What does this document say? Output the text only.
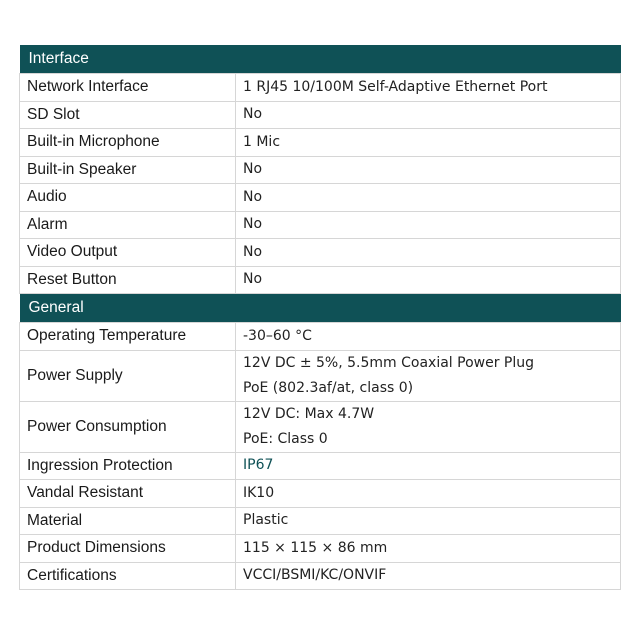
Interface	
Network Interface	1 RJ45 10/100M Self-Adaptive Ethernet Port

SD Slot	No

Built-in Microphone	1 Mic

Built-in Speaker	No

Audio	No

Alarm	No

Video Output	No

Reset Button	No

General	
Operating Temperature	-30–60 °C

Power Supply	12V DC ± 5%, 5.5mm Coaxial Power Plug
PoE (802.3af/at, class 0)

Power Consumption	12V DC: Max 4.7W
PoE: Class 0

Ingression Protection	IP67

Vandal Resistant	IK10

Material	Plastic

Product Dimensions	115 × 115 × 86 mm

Certifications	VCCI/BSMI/KC/ONVIF
